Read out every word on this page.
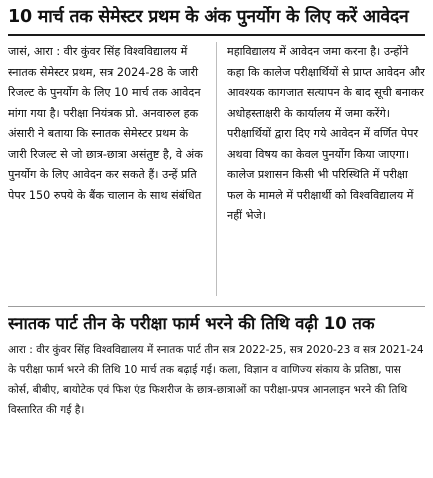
10 मार्च तक सेमेस्टर प्रथम के अंक पुनर्योग के लिए करें आवेदन

जासं, आरा : वीर कुंवर सिंह विश्वविद्यालय में स्नातक सेमेस्टर प्रथम, सत्र 2024-28 के जारी रिजल्ट के पुनर्योग के लिए 10 मार्च तक आवेदन मांगा गया है। परीक्षा नियंत्रक प्रो. अनवारुल हक अंसारी ने बताया कि स्नातक सेमेस्टर प्रथम के जारी रिजल्ट से जो छात्र-छात्रा असंतुष्ट है, वे अंक पुनर्योग के लिए आवेदन कर सकते हैं। उन्हें प्रति पेपर 150 रुपये के बैंक चालान के साथ संबंधित

महाविद्यालय में आवेदन जमा करना है। उन्होंने कहा कि कालेज परीक्षार्थियों से प्राप्त आवेदन और आवश्यक कागजात सत्यापन के बाद सूची बनाकर अधोहस्ताक्षरी के कार्यालय में जमा करेंगे। परीक्षार्थियों द्वारा दिए गये आवेदन में वर्णित पेपर अथवा विषय का केवल पुनर्योग किया जाएगा। कालेज प्रशासन किसी भी परिस्थिति में परीक्षा फल के मामले में परीक्षार्थी को विश्वविद्यालय में नहीं भेजे।

स्नातक पार्ट तीन के परीक्षा फार्म भरने की तिथि वढ़ी 10 तक

आरा : वीर कुंवर सिंह विश्वविद्यालय में स्नातक पार्ट तीन सत्र 2022-25, सत्र 2020-23 व सत्र 2021-24 के परीक्षा फार्म भरने की तिथि 10 मार्च तक बढ़ाई गई। कला, विज्ञान व वाणिज्य संकाय के प्रतिष्ठा, पास कोर्स, बीबीए, बायोटेक एवं फिश एंड फिशरीज के छात्र-छात्राओं का परीक्षा-प्रपत्र आनलाइन भरने की तिथि विस्तारित की गई है।
